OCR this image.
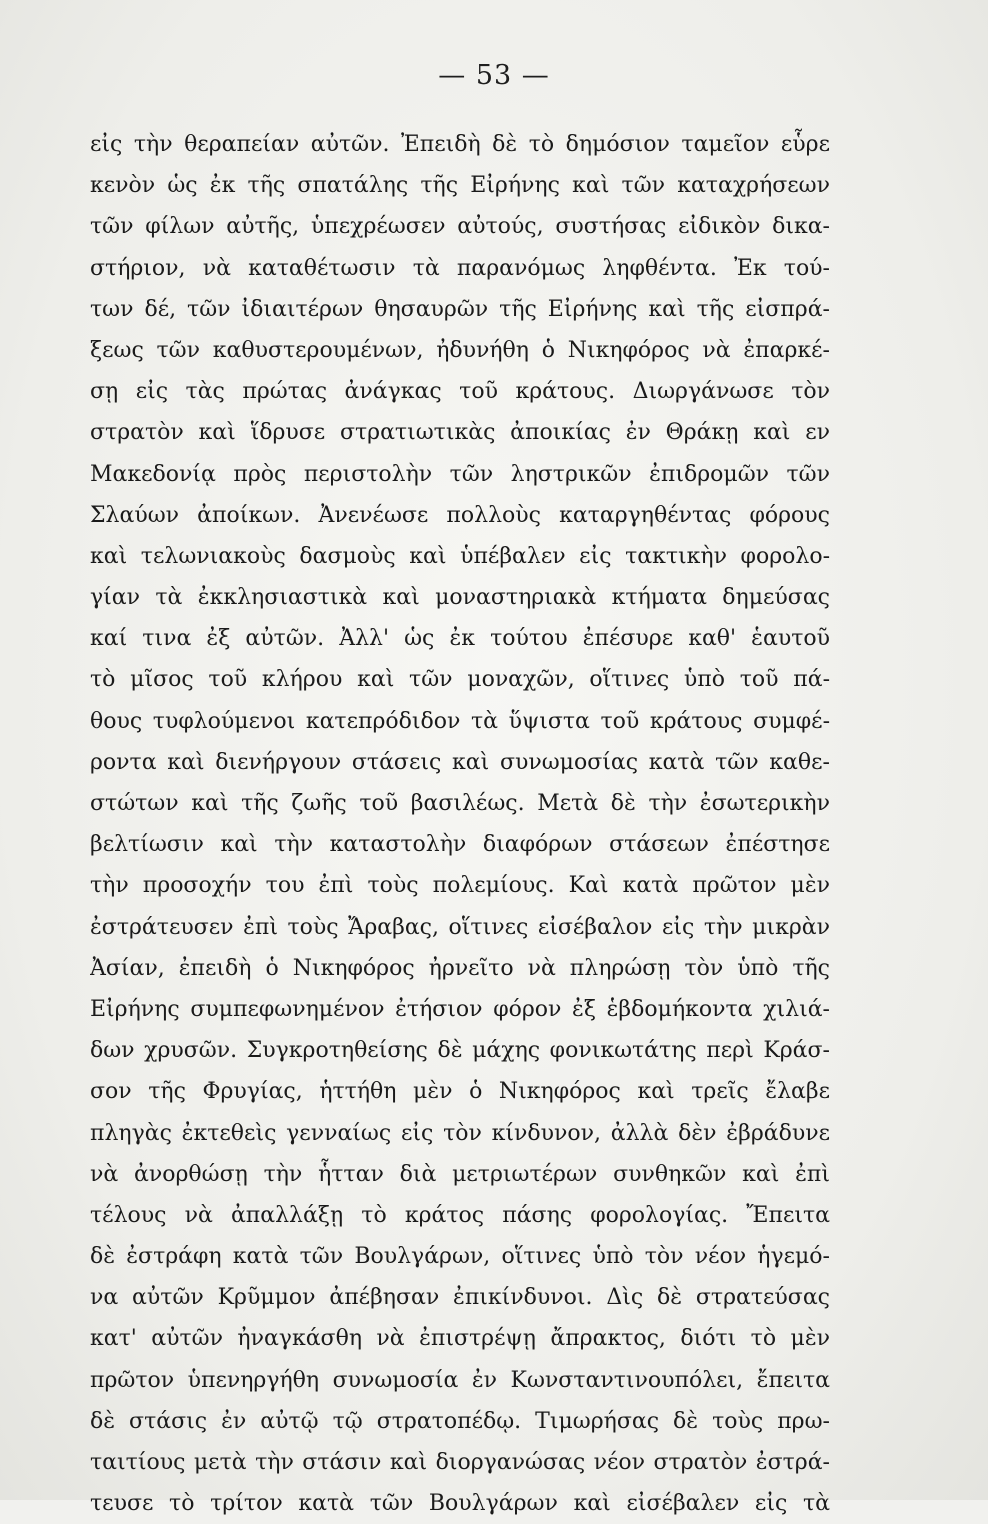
— 53 —
εἰς τὴν θεραπείαν αὐτῶν. Ἐπειδὴ δὲ τὸ δημόσιον ταμεῖον εὗρε
κενὸν ὡς ἐκ τῆς σπατάλης τῆς Εἰρήνης καὶ τῶν καταχρήσεων
τῶν φίλων αὐτῆς, ὑπεχρέωσεν αὐτούς, συστήσας εἰδικὸν δικα-
στήριον, νὰ καταθέτωσιν τὰ παρανόμως ληφθέντα. Ἐκ τού-
των δέ, τῶν ἰδιαιτέρων θησαυρῶν τῆς Εἰρήνης καὶ τῆς εἰσπρά-
ξεως τῶν καθυστερουμένων, ἠδυνήθη ὁ Νικηφόρος νὰ ἐπαρκέ-
σῃ εἰς τὰς πρώτας ἀνάγκας τοῦ κράτους. Διωργάνωσε τὸν
στρατὸν καὶ ἵδρυσε στρατιωτικὰς ἀποικίας ἐν Θράκῃ καὶ εν
Μακεδονίᾳ πρὸς περιστολὴν τῶν ληστρικῶν ἐπιδρομῶν τῶν
Σλαύων ἀποίκων. Ἀνενέωσε πολλοὺς καταργηθέντας φόρους
καὶ τελωνιακοὺς δασμοὺς καὶ ὑπέβαλεν εἰς τακτικὴν φορολο-
γίαν τὰ ἐκκλησιαστικὰ καὶ μοναστηριακὰ κτήματα δημεύσας
καί τινα ἐξ αὐτῶν. Ἀλλ' ὡς ἐκ τούτου ἐπέσυρε καθ' ἑαυτοῦ
τὸ μῖσος τοῦ κλήρου καὶ τῶν μοναχῶν, οἵτινες ὑπὸ τοῦ πά-
θους τυφλούμενοι κατεπρόδιδον τὰ ὕψιστα τοῦ κράτους συμφέ-
ροντα καὶ διενήργουν στάσεις καὶ συνωμοσίας κατὰ τῶν καθε-
στώτων καὶ τῆς ζωῆς τοῦ βασιλέως. Μετὰ δὲ τὴν ἐσωτερικὴν
βελτίωσιν καὶ τὴν καταστολὴν διαφόρων στάσεων ἐπέστησε
τὴν προσοχήν του ἐπὶ τοὺς πολεμίους. Καὶ κατὰ πρῶτον μὲν
ἐστράτευσεν ἐπὶ τοὺς Ἄραβας, οἵτινες εἰσέβαλον εἰς τὴν μικρὰν
Ἀσίαν, ἐπειδὴ ὁ Νικηφόρος ἠρνεῖτο νὰ πληρώσῃ τὸν ὑπὸ τῆς
Εἰρήνης συμπεφωνημένον ἐτήσιον φόρον ἐξ ἑβδομήκοντα χιλιά-
δων χρυσῶν. Συγκροτηθείσης δὲ μάχης φονικωτάτης περὶ Κράσ-
σον τῆς Φρυγίας, ἡττήθη μὲν ὁ Νικηφόρος καὶ τρεῖς ἔλαβε
πληγὰς ἐκτεθεὶς γενναίως εἰς τὸν κίνδυνον, ἀλλὰ δὲν ἐβράδυνε
νὰ ἀνορθώσῃ τὴν ἧτταν διὰ μετριωτέρων συνθηκῶν καὶ ἐπὶ
τέλους νὰ ἀπαλλάξῃ τὸ κράτος πάσης φορολογίας. Ἔπειτα
δὲ ἐστράφη κατὰ τῶν Βουλγάρων, οἵτινες ὑπὸ τὸν νέον ἡγεμό-
να αὐτῶν Κρῦμμον ἀπέβησαν ἐπικίνδυνοι. Δὶς δὲ στρατεύσας
κατ' αὐτῶν ἠναγκάσθη νὰ ἐπιστρέψῃ ἄπρακτος, διότι τὸ μὲν
πρῶτον ὑπενηργήθη συνωμοσία ἐν Κωνσταντινουπόλει, ἔπειτα
δὲ στάσις ἐν αὐτῷ τῷ στρατοπέδῳ. Τιμωρήσας δὲ τοὺς πρω-
ταιτίους μετὰ τὴν στάσιν καὶ διοργανώσας νέον στρατὸν ἐστρά-
τευσε τὸ τρίτον κατὰ τῶν Βουλγάρων καὶ εἰσέβαλεν εἰς τὰ
